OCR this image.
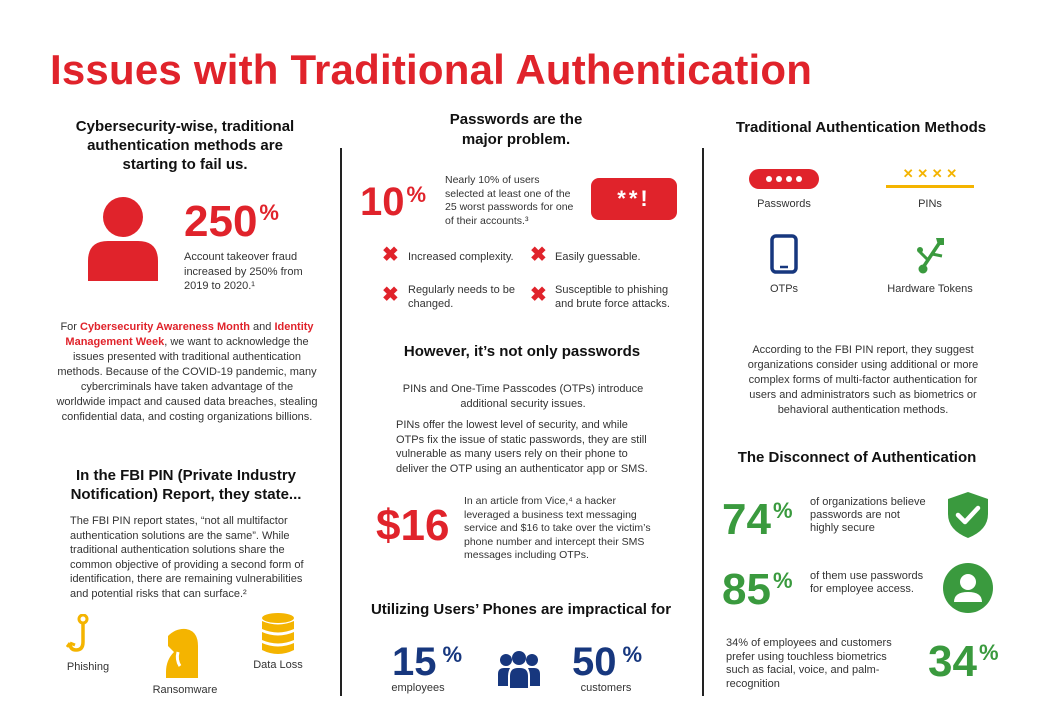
Issues with Traditional Authentication
Cybersecurity-wise, traditional authentication methods are starting to fail us.
250%
Account takeover fraud increased by 250% from 2019 to 2020.¹
For Cybersecurity Awareness Month and Identity Management Week, we want to acknowledge the issues presented with traditional authentication methods. Because of the COVID-19 pandemic, many cybercriminals have taken advantage of the worldwide impact and caused data breaches, stealing confidential data, and costing organizations billions.
In the FBI PIN (Private Industry Notification) Report, they state...
The FBI PIN report states, “not all multifactor authentication solutions are the same”. While traditional authentication solutions share the common objective of providing a second form of identification, there are remaining vulnerabilities and potential risks that can surface.²
Phishing
Ransomware
Data Loss
Passwords are the major problem.
10%
Nearly 10% of users selected at least one of the 25 worst passwords for one of their accounts.³
**!
✖ Increased complexity. ✖ Easily guessable.
✖ Regularly needs to be changed.	✖ Susceptible to phishing and brute force attacks.
However, it’s not only passwords
PINs and One-Time Passcodes (OTPs) introduce additional security issues.
PINs offer the lowest level of security, and while OTPs fix the issue of static passwords, they are still vulnerable as many users rely on their phone to deliver the OTP using an authenticator app or SMS.
$16 In an article from Vice,⁴ a hacker leveraged a business text messaging service and $16 to take over the victim’s phone number and intercept their SMS messages including OTPs.
Utilizing Users’ Phones are impractical for
15 %
employees
50 %
customers
Traditional Authentication Methods
Passwords
✕ ✕ ✕ ✕
PINs
OTPs	Hardware Tokens
According to the FBI PIN report, they suggest organizations consider using additional or more complex forms of multi-factor authentication for users and administrators such as biometrics or behavioral authentication methods.
The Disconnect of Authentication
74% of organizations believe passwords are not highly secure
85% of them use passwords for employee access.
34% of employees and customers prefer using touchless biometrics such as facial, voice, and palm-recognition	34%
